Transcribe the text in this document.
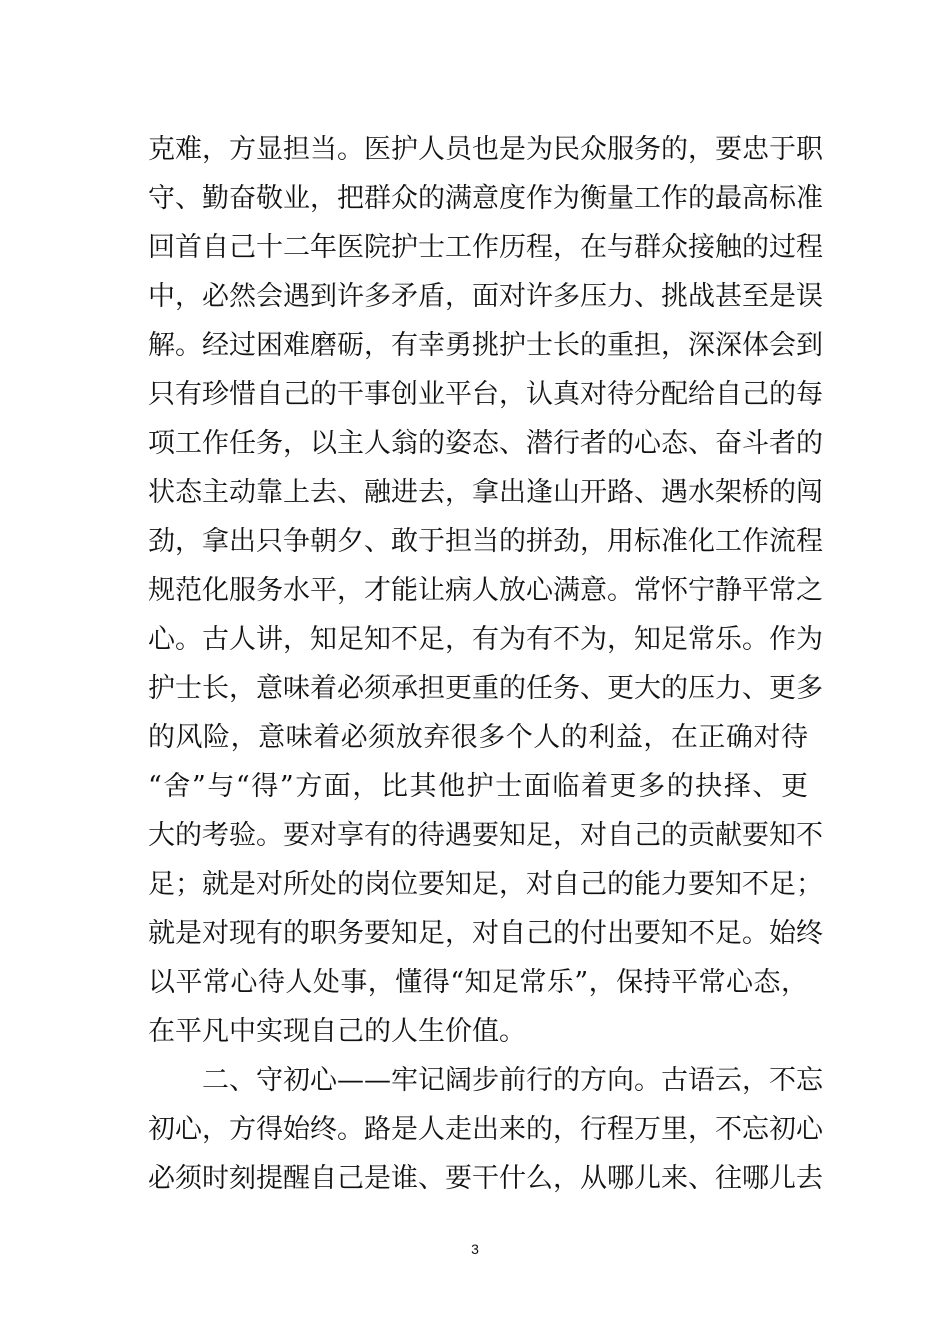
克难，方显担当。医护人员也是为民众服务的，要忠于职
守、勤奋敬业，把群众的满意度作为衡量工作的最高标准
回首自己十二年医院护士工作历程，在与群众接触的过程
中，必然会遇到许多矛盾，面对许多压力、挑战甚至是误
解。经过困难磨砺，有幸勇挑护士长的重担，深深体会到
只有珍惜自己的干事创业平台，认真对待分配给自己的每
项工作任务，以主人翁的姿态、潜行者的心态、奋斗者的
状态主动靠上去、融进去，拿出逢山开路、遇水架桥的闯
劲，拿出只争朝夕、敢于担当的拼劲，用标准化工作流程
规范化服务水平，才能让病人放心满意。常怀宁静平常之
心。古人讲，知足知不足，有为有不为，知足常乐。作为
护士长，意味着必须承担更重的任务、更大的压力、更多
的风险，意味着必须放弃很多个人的利益，在正确对待
“舍”与“得”方面，比其他护士面临着更多的抉择、更
大的考验。要对享有的待遇要知足，对自己的贡献要知不
足；就是对所处的岗位要知足，对自己的能力要知不足；
就是对现有的职务要知足，对自己的付出要知不足。始终
以平常心待人处事，懂得“知足常乐”，保持平常心态，
在平凡中实现自己的人生价值。
二、守初心——牢记阔步前行的方向。古语云，不忘
初心，方得始终。路是人走出来的，行程万里，不忘初心
必须时刻提醒自己是谁、要干什么，从哪儿来、往哪儿去
3
